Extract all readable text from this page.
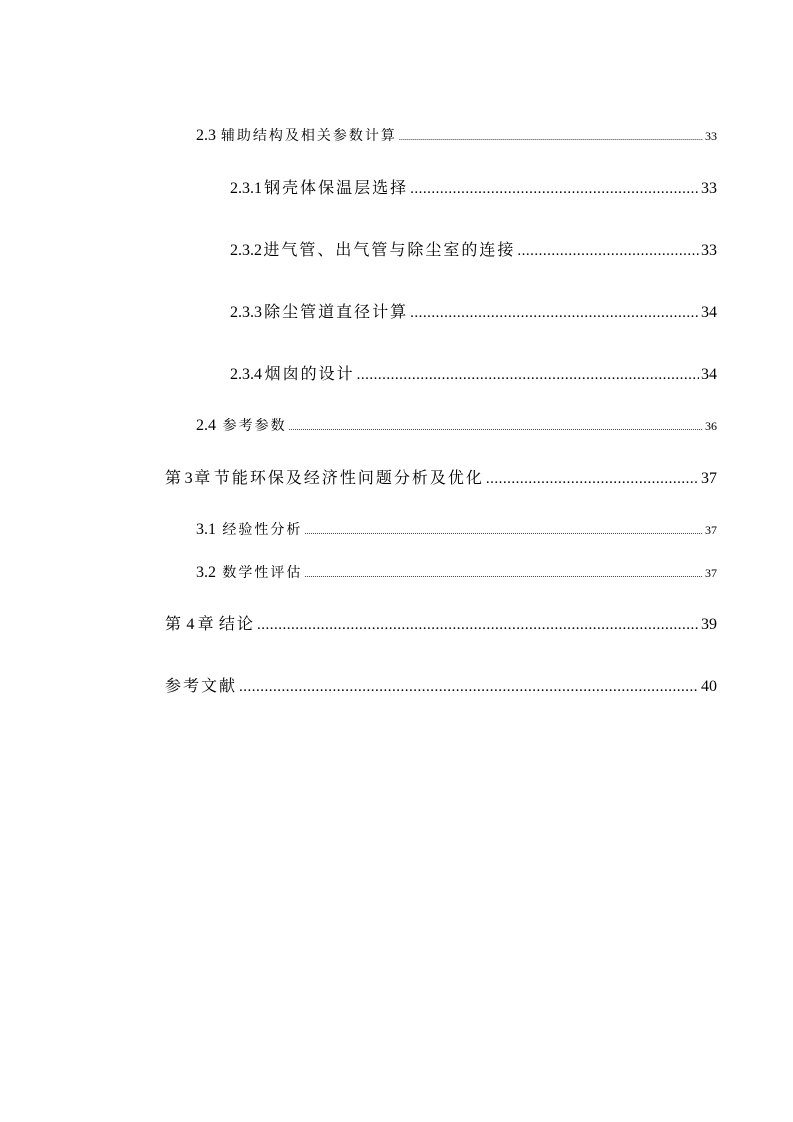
2.3 辅助结构及相关参数计算 .....	33
2.3.1 钢壳体保温层选择 .....	33
2.3.2 进气管、出气管与除尘室的连接 .....	33
2.3.3 除尘管道直径计算 .....	34
2.3.4 烟囱的设计 .....	34
2.4 参考参数 .....	36
第 3 章 节能环保及经济性问题分析及优化 .....	37
3.1 经验性分析 .....	37
3.2 数学性评估 .....	37
第 4 章 结论 .....	39
参考文献 .....	40
